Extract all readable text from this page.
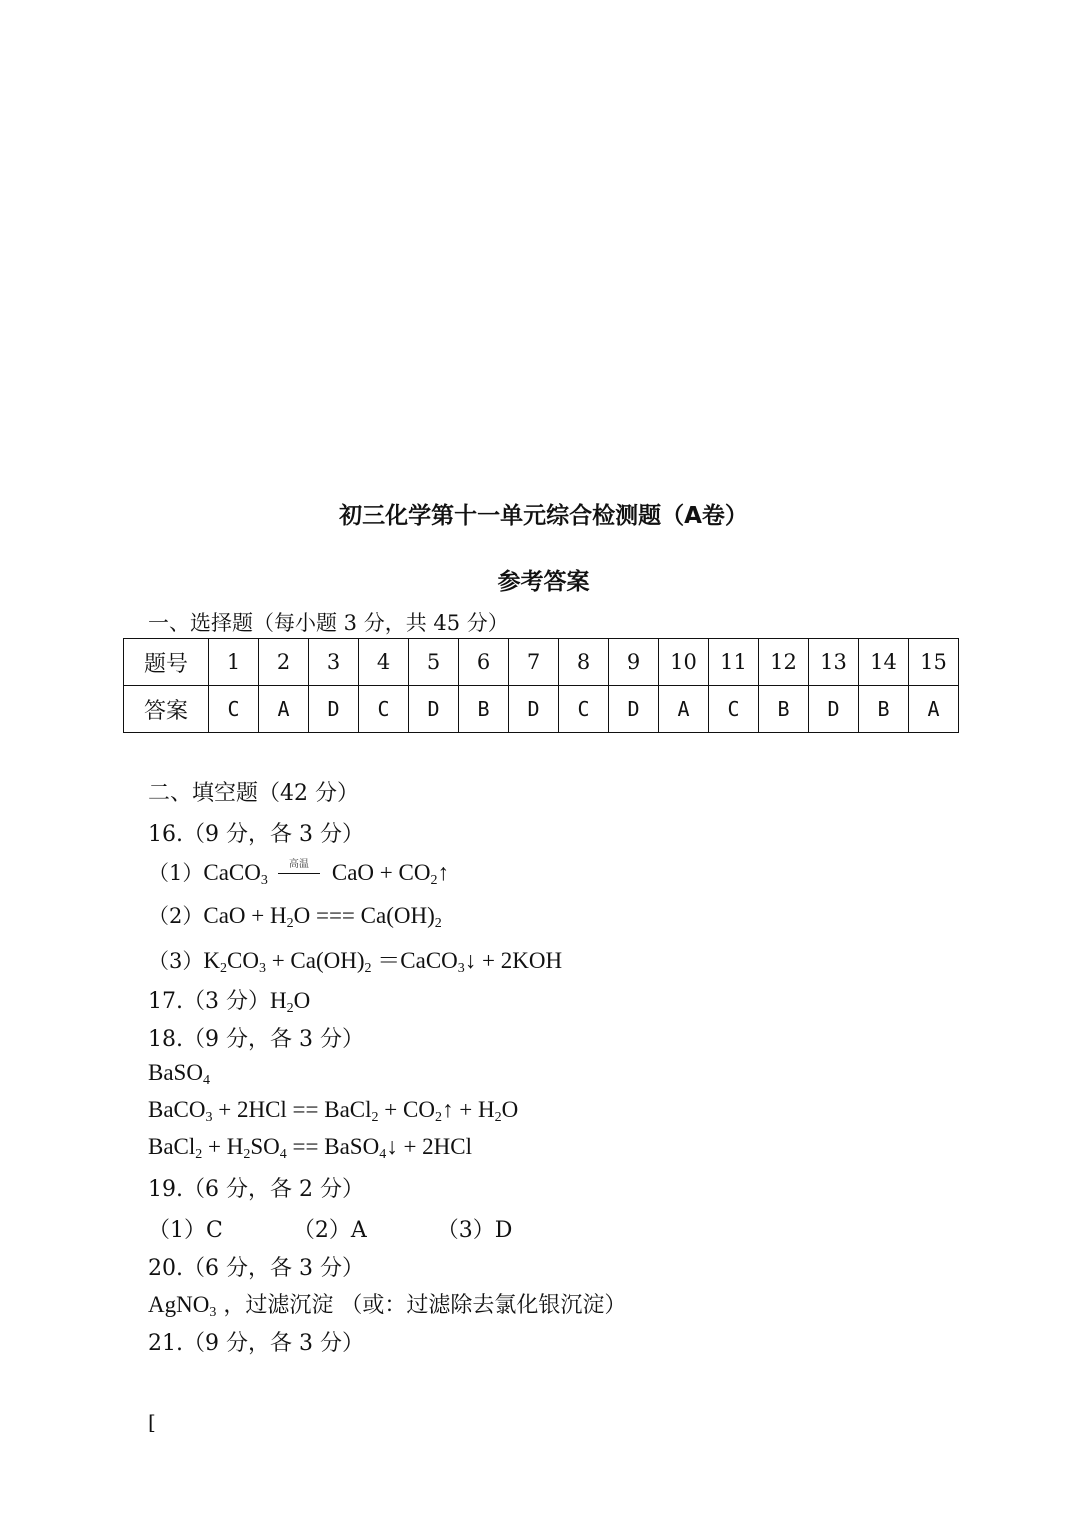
初三化学第十一单元综合检测题（A卷）
参考答案
一、选择题（每小题 3 分，共 45 分）
题号	1	2	3	4	5	6	7	8	9	10	11	12	13	14	15
答案	C	A	D	C	D	B	D	C	D	A	C	B	D	B	A
二、填空题（42 分）
16.（9 分，各 3 分）
（1）CaCO$_3$
高温	CaO + $CO_2↑$
$(2)CaO + H_2O$ === $Ca(OH)_2$
$(3)K_2CO_3 + Ca(OH)_2$ ＝CaCO$_3$↓ + 2KOH
17.（3 分）$H_2O$
18.（9 分，各 3 分）
BaSO$_4$
BaCO$_3$ + 2HCl == BaCl$_2$ + $CO_2↑ + H_2O$
BaCl$_2$ + $H_2SO_4$ == BaSO$_4$↓ + 2HCl
19.（6 分，各 2 分）
（1）C	（2）A	（3）D
20.（6 分，各 3 分）
AgNO$_3$ ，过滤沉淀 （或：过滤除去氯化银沉淀）
21.（9 分，各 3 分）
[
